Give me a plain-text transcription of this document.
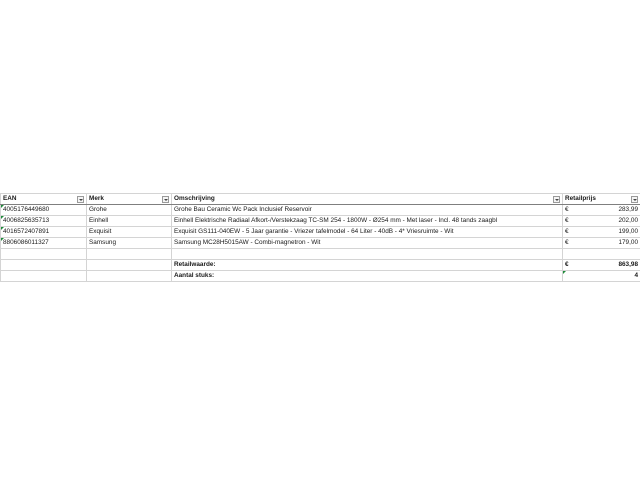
EAN	Merk	Omschrijving	Retailprijs

4005176449680	Grohe	Grohe Bau Ceramic Wc Pack Inclusief Reservoir	€ 283,99

4006825635713	Einhell	Einhell Elektrische Radiaal Afkort-/Verstekzaag TC-SM 254 - 1800W - Ø254 mm - Met laser - Incl. 48 tands zaagbl	€ 202,00

4016572407891	Exquisit	Exquisit GS111-040EW - 5 Jaar garantie - Vriezer tafelmodel - 64 Liter - 40dB - 4* Vriesruimte - Wit	€ 199,00

8806086011327	Samsung	Samsung MC28H5015AW - Combi-magnetron - Wit	€ 179,00

		Retailwaarde:	€ 863,98

		Aantal stuks:	4
